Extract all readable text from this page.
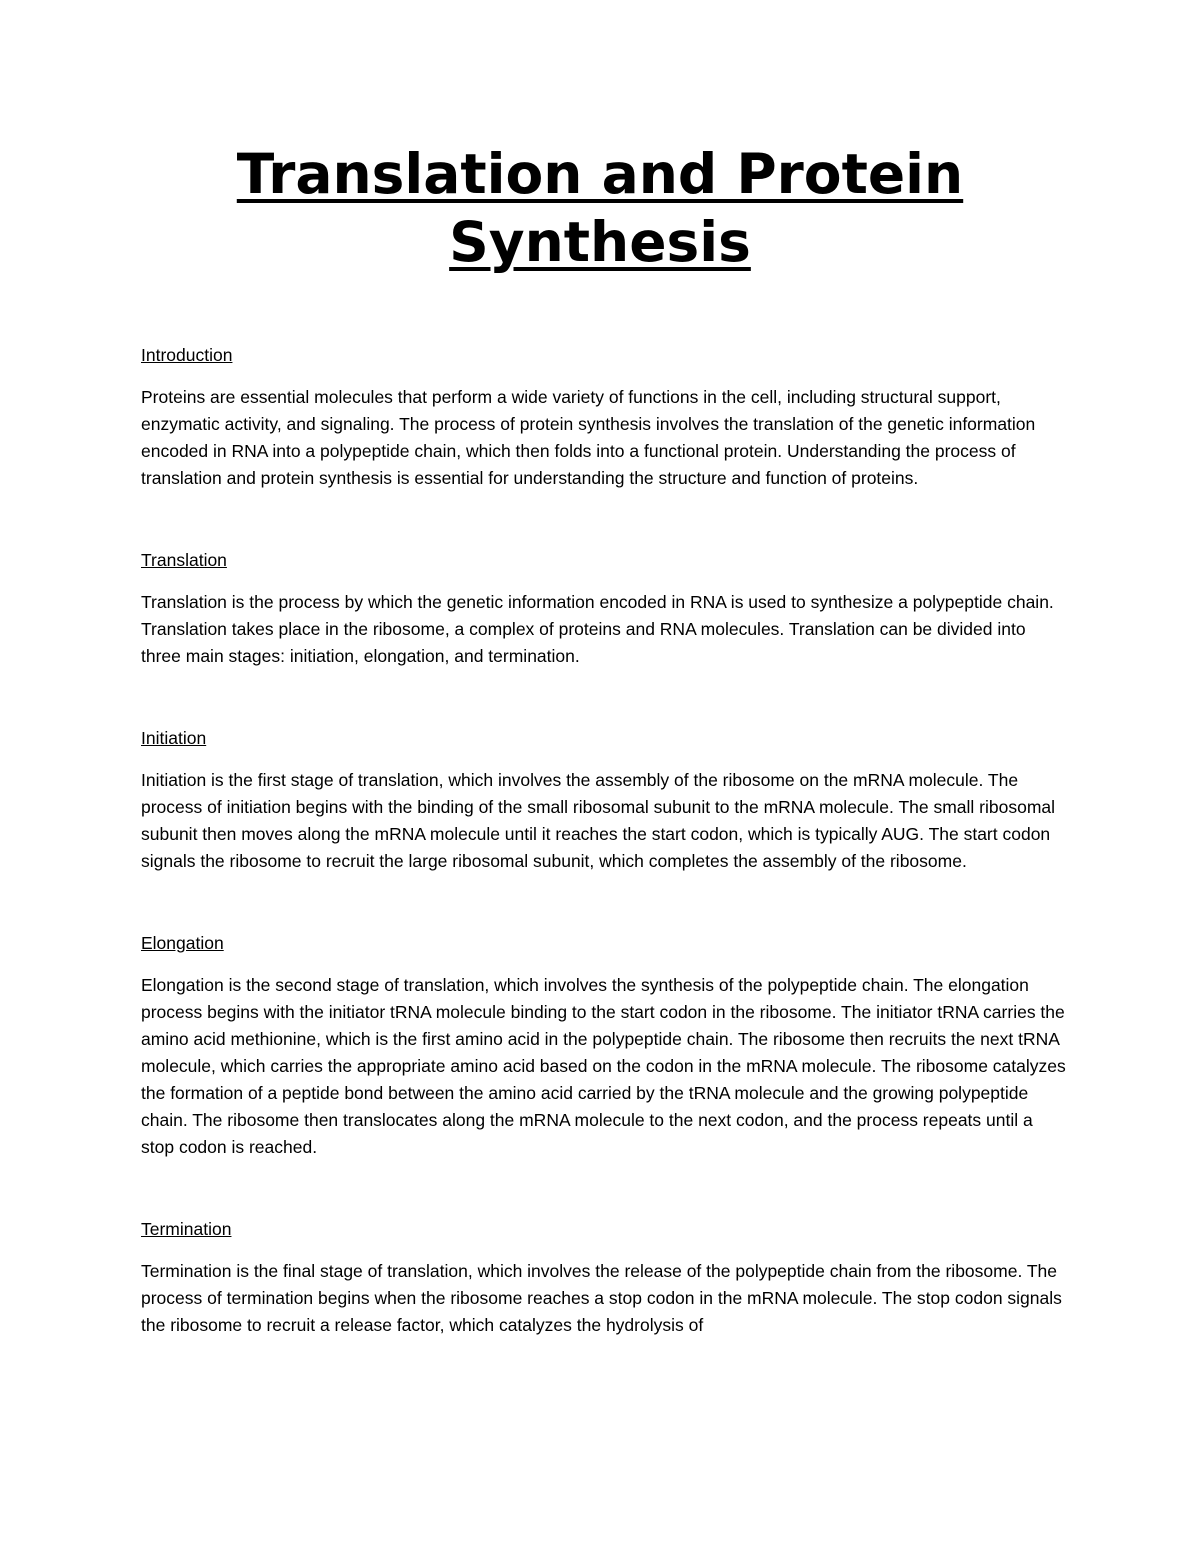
Translation and Protein Synthesis
Introduction

Proteins are essential molecules that perform a wide variety of functions in the cell, including structural support, enzymatic activity, and signaling. The process of protein synthesis involves the translation of the genetic information encoded in RNA into a polypeptide chain, which then folds into a functional protein. Understanding the process of translation and protein synthesis is essential for understanding the structure and function of proteins.

Translation

Translation is the process by which the genetic information encoded in RNA is used to synthesize a polypeptide chain. Translation takes place in the ribosome, a complex of proteins and RNA molecules. Translation can be divided into three main stages: initiation, elongation, and termination.

Initiation

Initiation is the first stage of translation, which involves the assembly of the ribosome on the mRNA molecule. The process of initiation begins with the binding of the small ribosomal subunit to the mRNA molecule. The small ribosomal subunit then moves along the mRNA molecule until it reaches the start codon, which is typically AUG. The start codon signals the ribosome to recruit the large ribosomal subunit, which completes the assembly of the ribosome.

Elongation

Elongation is the second stage of translation, which involves the synthesis of the polypeptide chain. The elongation process begins with the initiator tRNA molecule binding to the start codon in the ribosome. The initiator tRNA carries the amino acid methionine, which is the first amino acid in the polypeptide chain. The ribosome then recruits the next tRNA molecule, which carries the appropriate amino acid based on the codon in the mRNA molecule. The ribosome catalyzes the formation of a peptide bond between the amino acid carried by the tRNA molecule and the growing polypeptide chain. The ribosome then translocates along the mRNA molecule to the next codon, and the process repeats until a stop codon is reached.

Termination

Termination is the final stage of translation, which involves the release of the polypeptide chain from the ribosome. The process of termination begins when the ribosome reaches a stop codon in the mRNA molecule. The stop codon signals the ribosome to recruit a release factor, which catalyzes the hydrolysis of
